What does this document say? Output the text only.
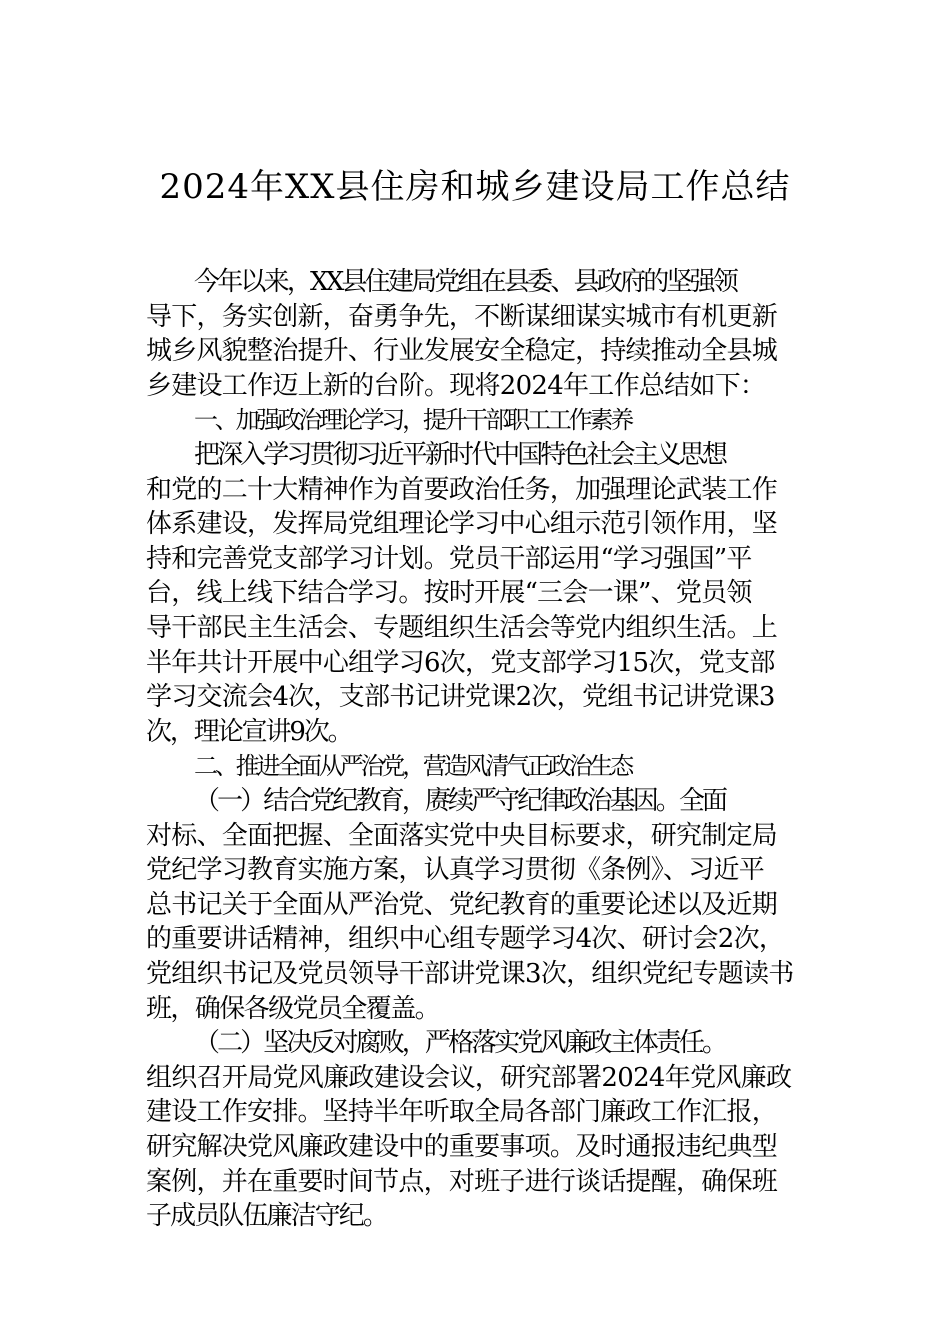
2024年XX县住房和城乡建设局工作总结

今年以来，XX县住建局党组在县委、县政府的坚强领

导下，务实创新，奋勇争先，不断谋细谋实城市有机更新

城乡风貌整治提升、行业发展安全稳定，持续推动全县城

乡建设工作迈上新的台阶。现将2024年工作总结如下：

一、加强政治理论学习，提升干部职工工作素养

把深入学习贯彻习近平新时代中国特色社会主义思想

和党的二十大精神作为首要政治任务，加强理论武装工作

体系建设，发挥局党组理论学习中心组示范引领作用，坚

持和完善党支部学习计划。党员干部运用“学习强国”平

台，线上线下结合学习。按时开展“三会一课”、党员领

导干部民主生活会、专题组织生活会等党内组织生活。上

半年共计开展中心组学习6次，党支部学习15次，党支部

学习交流会4次，支部书记讲党课2次，党组书记讲党课3

次，理论宣讲9次。

二、推进全面从严治党，营造风清气正政治生态

（一）结合党纪教育，赓续严守纪律政治基因。全面

对标、全面把握、全面落实党中央目标要求，研究制定局

党纪学习教育实施方案，认真学习贯彻《条例》、习近平

总书记关于全面从严治党、党纪教育的重要论述以及近期

的重要讲话精神，组织中心组专题学习4次、研讨会2次，

党组织书记及党员领导干部讲党课3次，组织党纪专题读书

班，确保各级党员全覆盖。

（二）坚决反对腐败，严格落实党风廉政主体责任。

组织召开局党风廉政建设会议，研究部署2024年党风廉政

建设工作安排。坚持半年听取全局各部门廉政工作汇报，

研究解决党风廉政建设中的重要事项。及时通报违纪典型

案例，并在重要时间节点，对班子进行谈话提醒，确保班

子成员队伍廉洁守纪。
